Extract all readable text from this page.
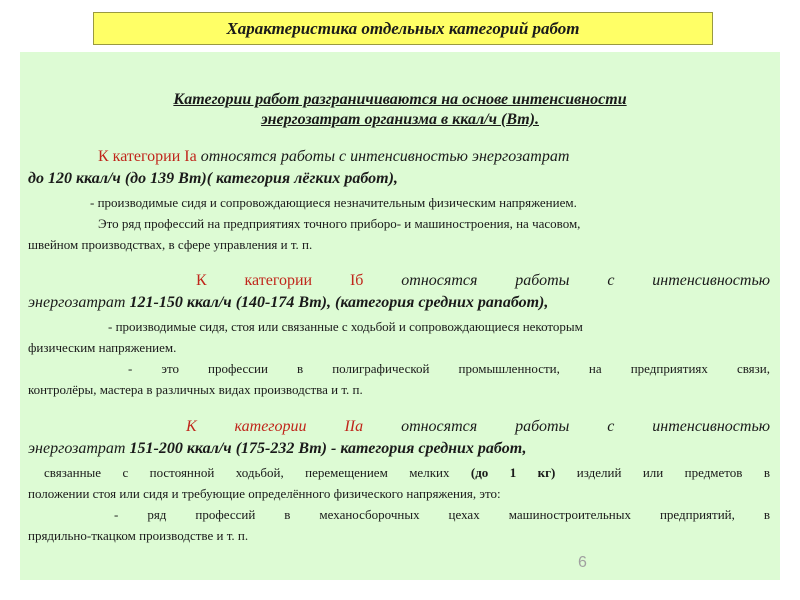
Характеристика отдельных категорий работ
Категории работ разграничиваются на основе интенсивности
энергозатрат организма в ккал/ч (Вт).
К категории Iа относятся работы с интенсивностью энергозатрат
до 120 ккал/ч (до 139 Вт)( категория лёгких работ),
- производимые сидя и сопровождающиеся незначительным физическим напряжением.
Это ряд профессий на предприятиях точного приборо- и машиностроения, на часовом,
швейном производствах, в сфере управления и т. п.
К категории Iб относятся работы с интенсивностью
энергозатрат 121-150 ккал/ч (140-174 Вт), (категория средних рапабот),
- производимые сидя, стоя или связанные с ходьбой и сопровождающиеся некоторым
физическим напряжением.
- это профессии в полиграфической промышленности, на предприятиях связи,
контролёры, мастера в различных видах производства и т. п.
К категории IIа относятся работы с интенсивностью
энергозатрат 151-200 ккал/ч (175-232 Вт) - категория средних работ,
связанные с постоянной ходьбой, перемещением мелких (до 1 кг) изделий или предметов в
положении стоя или сидя и требующие определённого физического напряжения, это:
- ряд профессий в механосборочных цехах машиностроительных предприятий, в
прядильно-ткацком производстве и т. п.
6
